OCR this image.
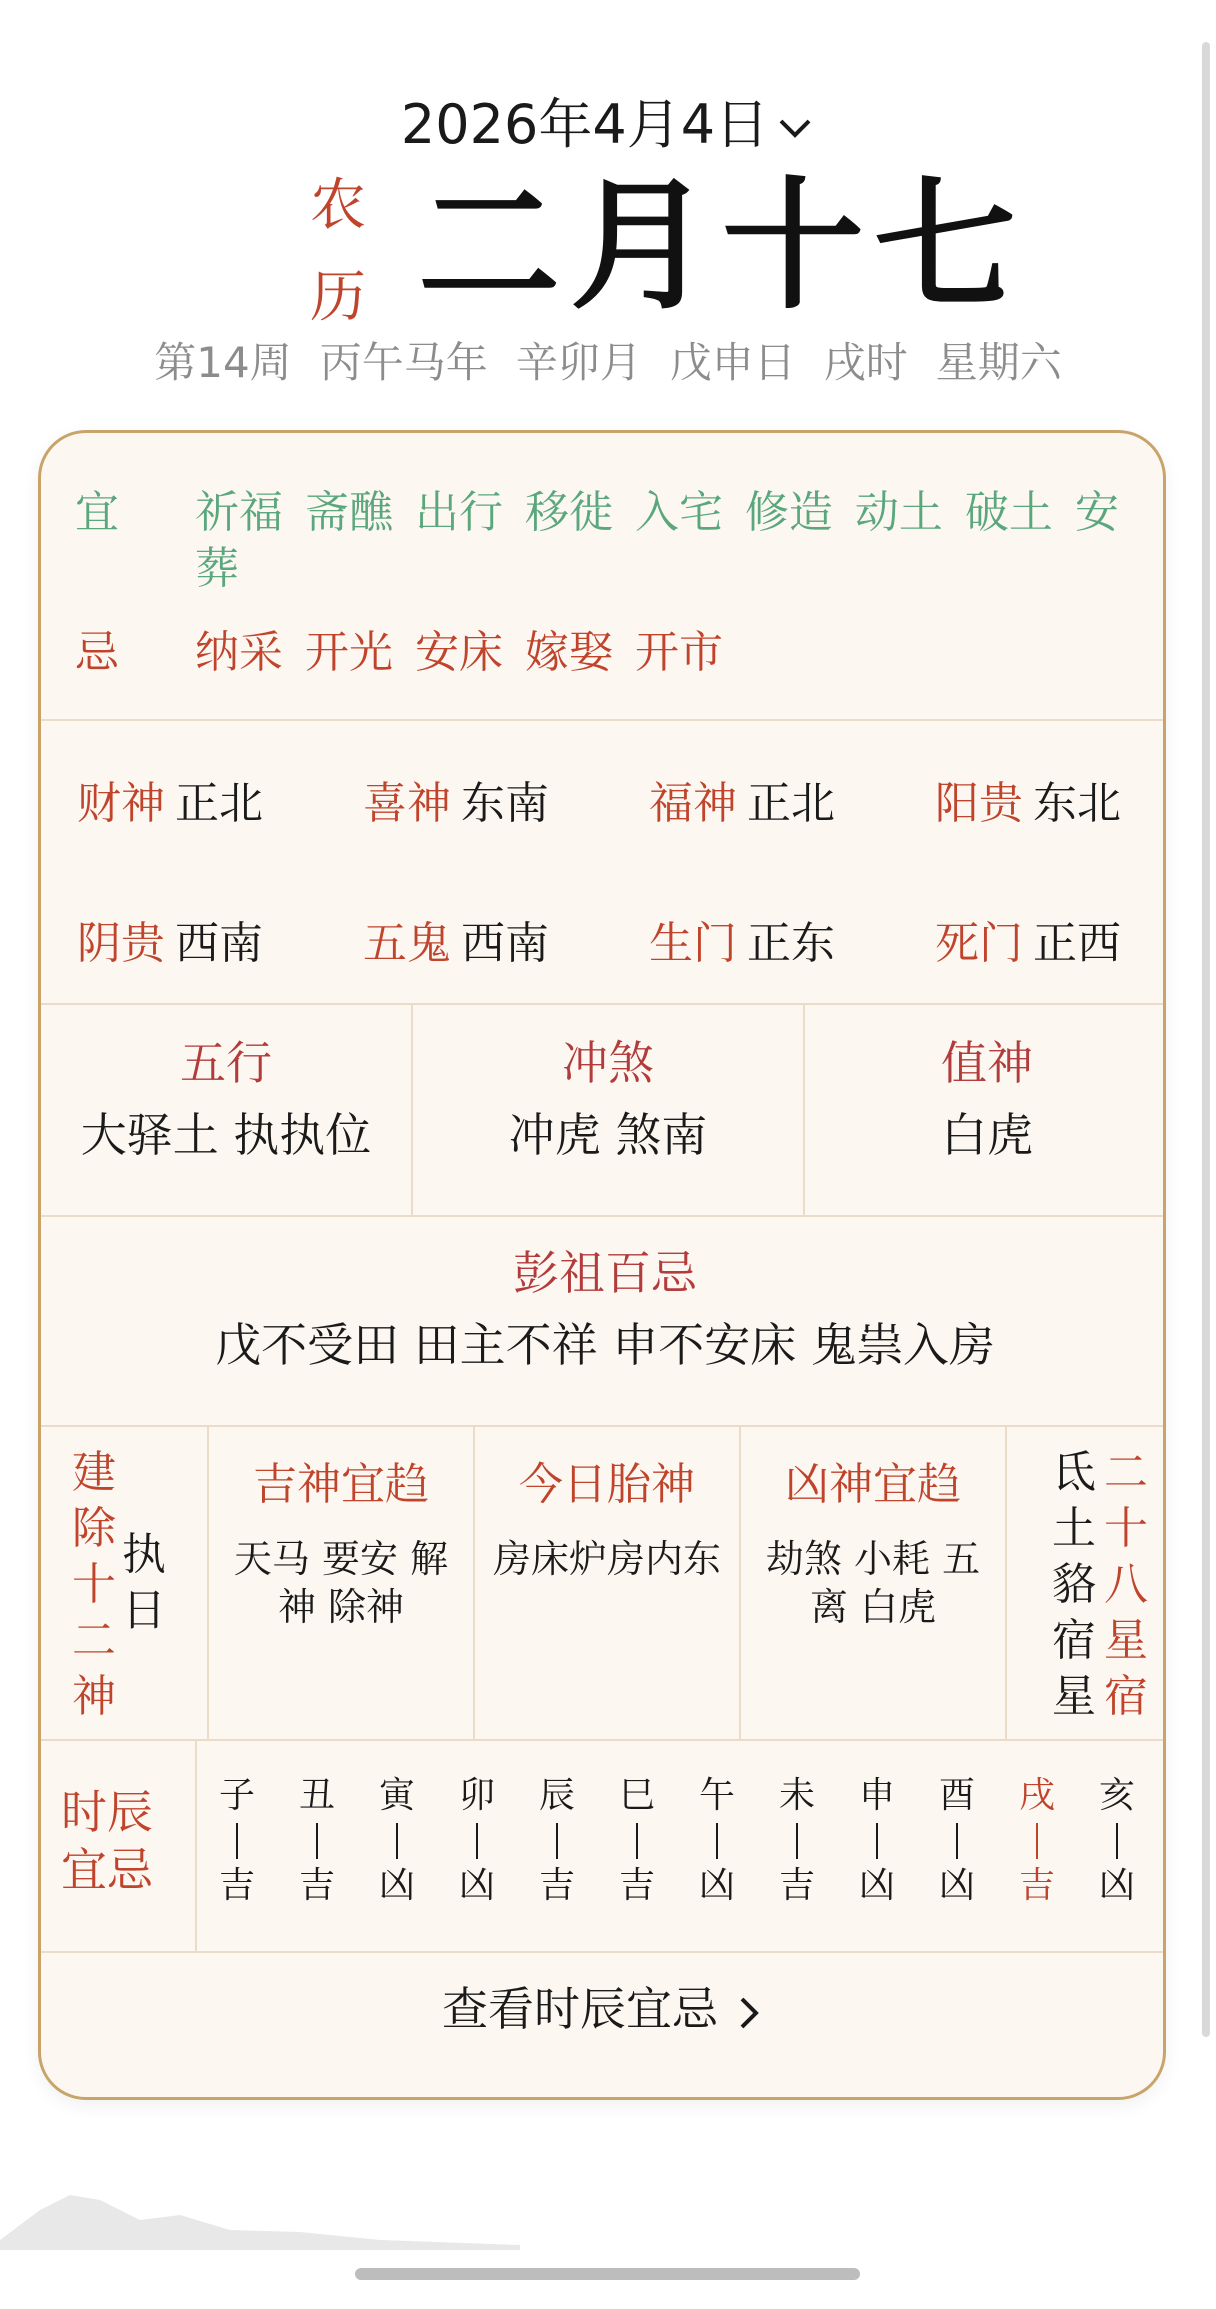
2026年4月4日
农
历 二月十七
第14周 丙午马年 辛卯月 戊申日 戌时 星期六
宜	祈福 斋醮 出行 移徙 入宅 修造 动土 破土 安葬
忌	纳采 开光 安床 嫁娶 开市
财神 正北 喜神 东南 福神 正北 阳贵 东北
阴贵 西南 五鬼 西南 生门 正东 死门 正西
五行
大驿土 执执位
冲煞
冲虎 煞南
值神
白虎
彭祖百忌
戊不受田 田主不祥 申不安床 鬼祟入房
建
除
十
二
神
执
日
吉神宜趋
天马 要安 解神 除神
今日胎神
房床炉房内东
凶神宜趋
劫煞 小耗 五离 白虎
氐
土
貉
宿
星
二
十
八
星
宿
时辰
宜忌
子
吉
丑
吉
寅
凶
卯
凶
辰
吉
巳
吉
午
凶
未
吉
申
凶
酉
凶
戌
吉
亥
凶
查看时辰宜忌
